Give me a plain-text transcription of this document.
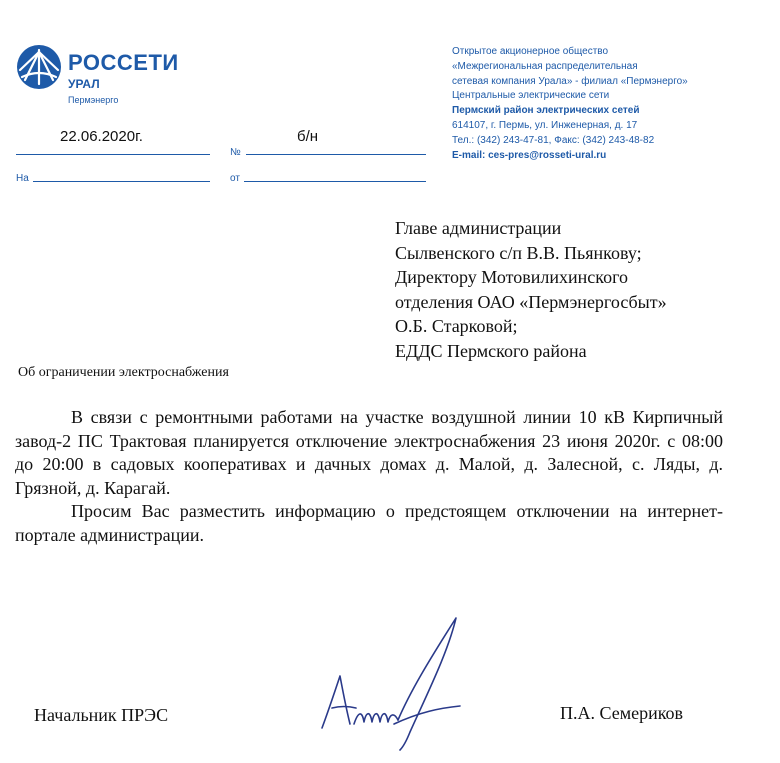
РОССЕТИ
УРАЛ
Пермэнерго
22.06.2020г.	б/н
№
На	от
Открытое акционерное общество
«Межрегиональная распределительная
сетевая компания Урала» - филиал «Пермэнерго»
Центральные электрические сети
Пермский район электрических сетей
614107, г. Пермь, ул. Инженерная, д. 17
Тел.: (342) 243-47-81, Факс: (342) 243-48-82
E-mail: ces-pres@rosseti-ural.ru
Главе администрации
Сылвенского с/п В.В. Пьянкову;
Директору Мотовилихинского
отделения ОАО «Пермэнергосбыт»
О.Б. Старковой;
ЕДДС Пермского района
Об ограничении электроснабжения

В связи с ремонтными работами на участке воздушной линии 10 кВ Кирпичный завод-2 ПС Трактовая планируется отключение электроснабжения 23 июня 2020г. с 08:00 до 20:00 в садовых кооперативах и дачных домах д. Малой, д. Залесной, с. Ляды, д. Грязной, д. Карагай.

Просим Вас разместить информацию о предстоящем отключении на интернет-портале администрации.

Начальник ПРЭС	П.А. Семериков
